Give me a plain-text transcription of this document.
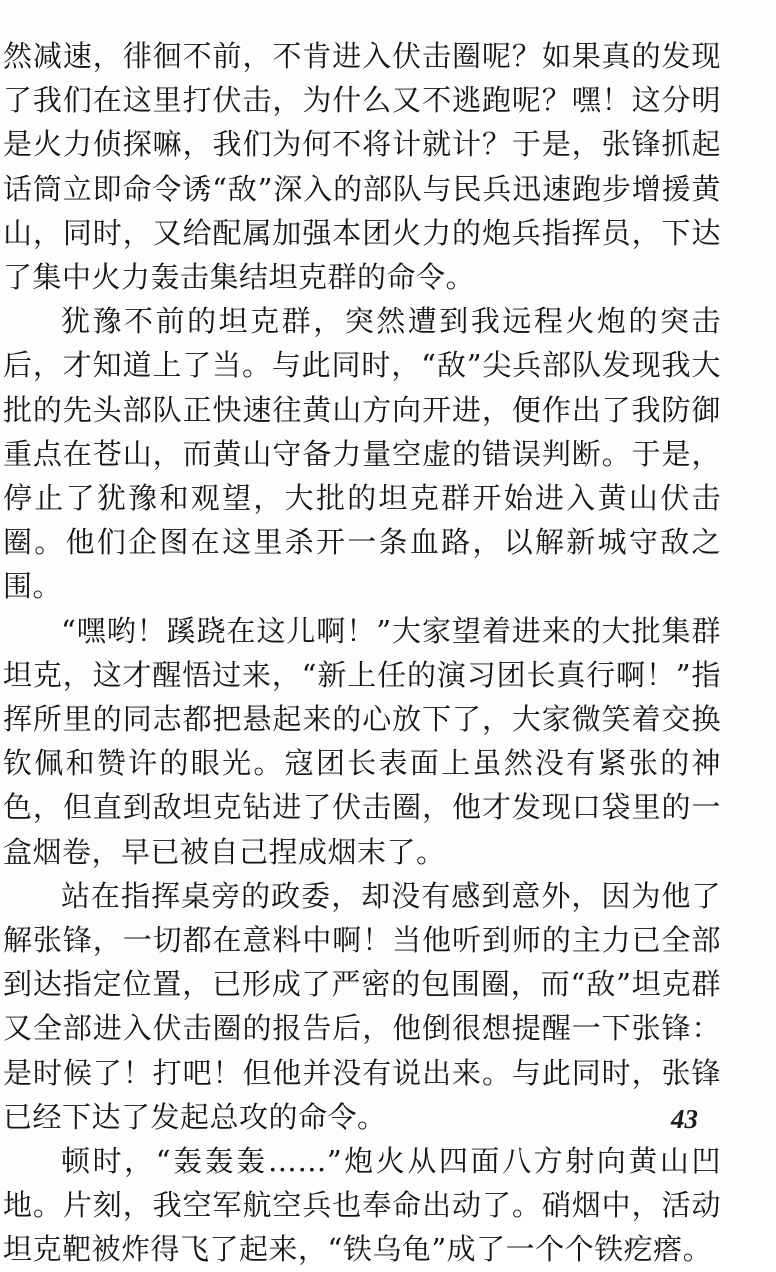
然减速，徘徊不前，不肯进入伏击圈呢？如果真的发现了我们在这里打伏击，为什么又不逃跑呢？嘿！这分明是火力侦探嘛，我们为何不将计就计？于是，张锋抓起话筒立即命令诱“敌”深入的部队与民兵迅速跑步增援黄山，同时，又给配属加强本团火力的炮兵指挥员，下达了集中火力轰击集结坦克群的命令。

犹豫不前的坦克群，突然遭到我远程火炮的突击后，才知道上了当。与此同时，“敌”尖兵部队发现我大批的先头部队正快速往黄山方向开进，便作出了我防御重点在苍山，而黄山守备力量空虚的错误判断。于是，停止了犹豫和观望，大批的坦克群开始进入黄山伏击圈。他们企图在这里杀开一条血路，以解新城守敌之围。

“嘿哟！蹊跷在这儿啊！”大家望着进来的大批集群坦克，这才醒悟过来，“新上任的演习团长真行啊！”指挥所里的同志都把悬起来的心放下了，大家微笑着交换钦佩和赞许的眼光。寇团长表面上虽然没有紧张的神色，但直到敌坦克钻进了伏击圈，他才发现口袋里的一盒烟卷，早已被自己捏成烟末了。

站在指挥桌旁的政委，却没有感到意外，因为他了解张锋，一切都在意料中啊！当他听到师的主力已全部到达指定位置，已形成了严密的包围圈，而“敌”坦克群又全部进入伏击圈的报告后，他倒很想提醒一下张锋：是时候了！打吧！但他并没有说出来。与此同时，张锋已经下达了发起总攻的命令。

顿时，“轰轰轰……”炮火从四面八方射向黄山凹地。片刻，我空军航空兵也奉命出动了。硝烟中，活动坦克靶被炸得飞了起来，“铁乌龟”成了一个个铁疙瘩。

43
